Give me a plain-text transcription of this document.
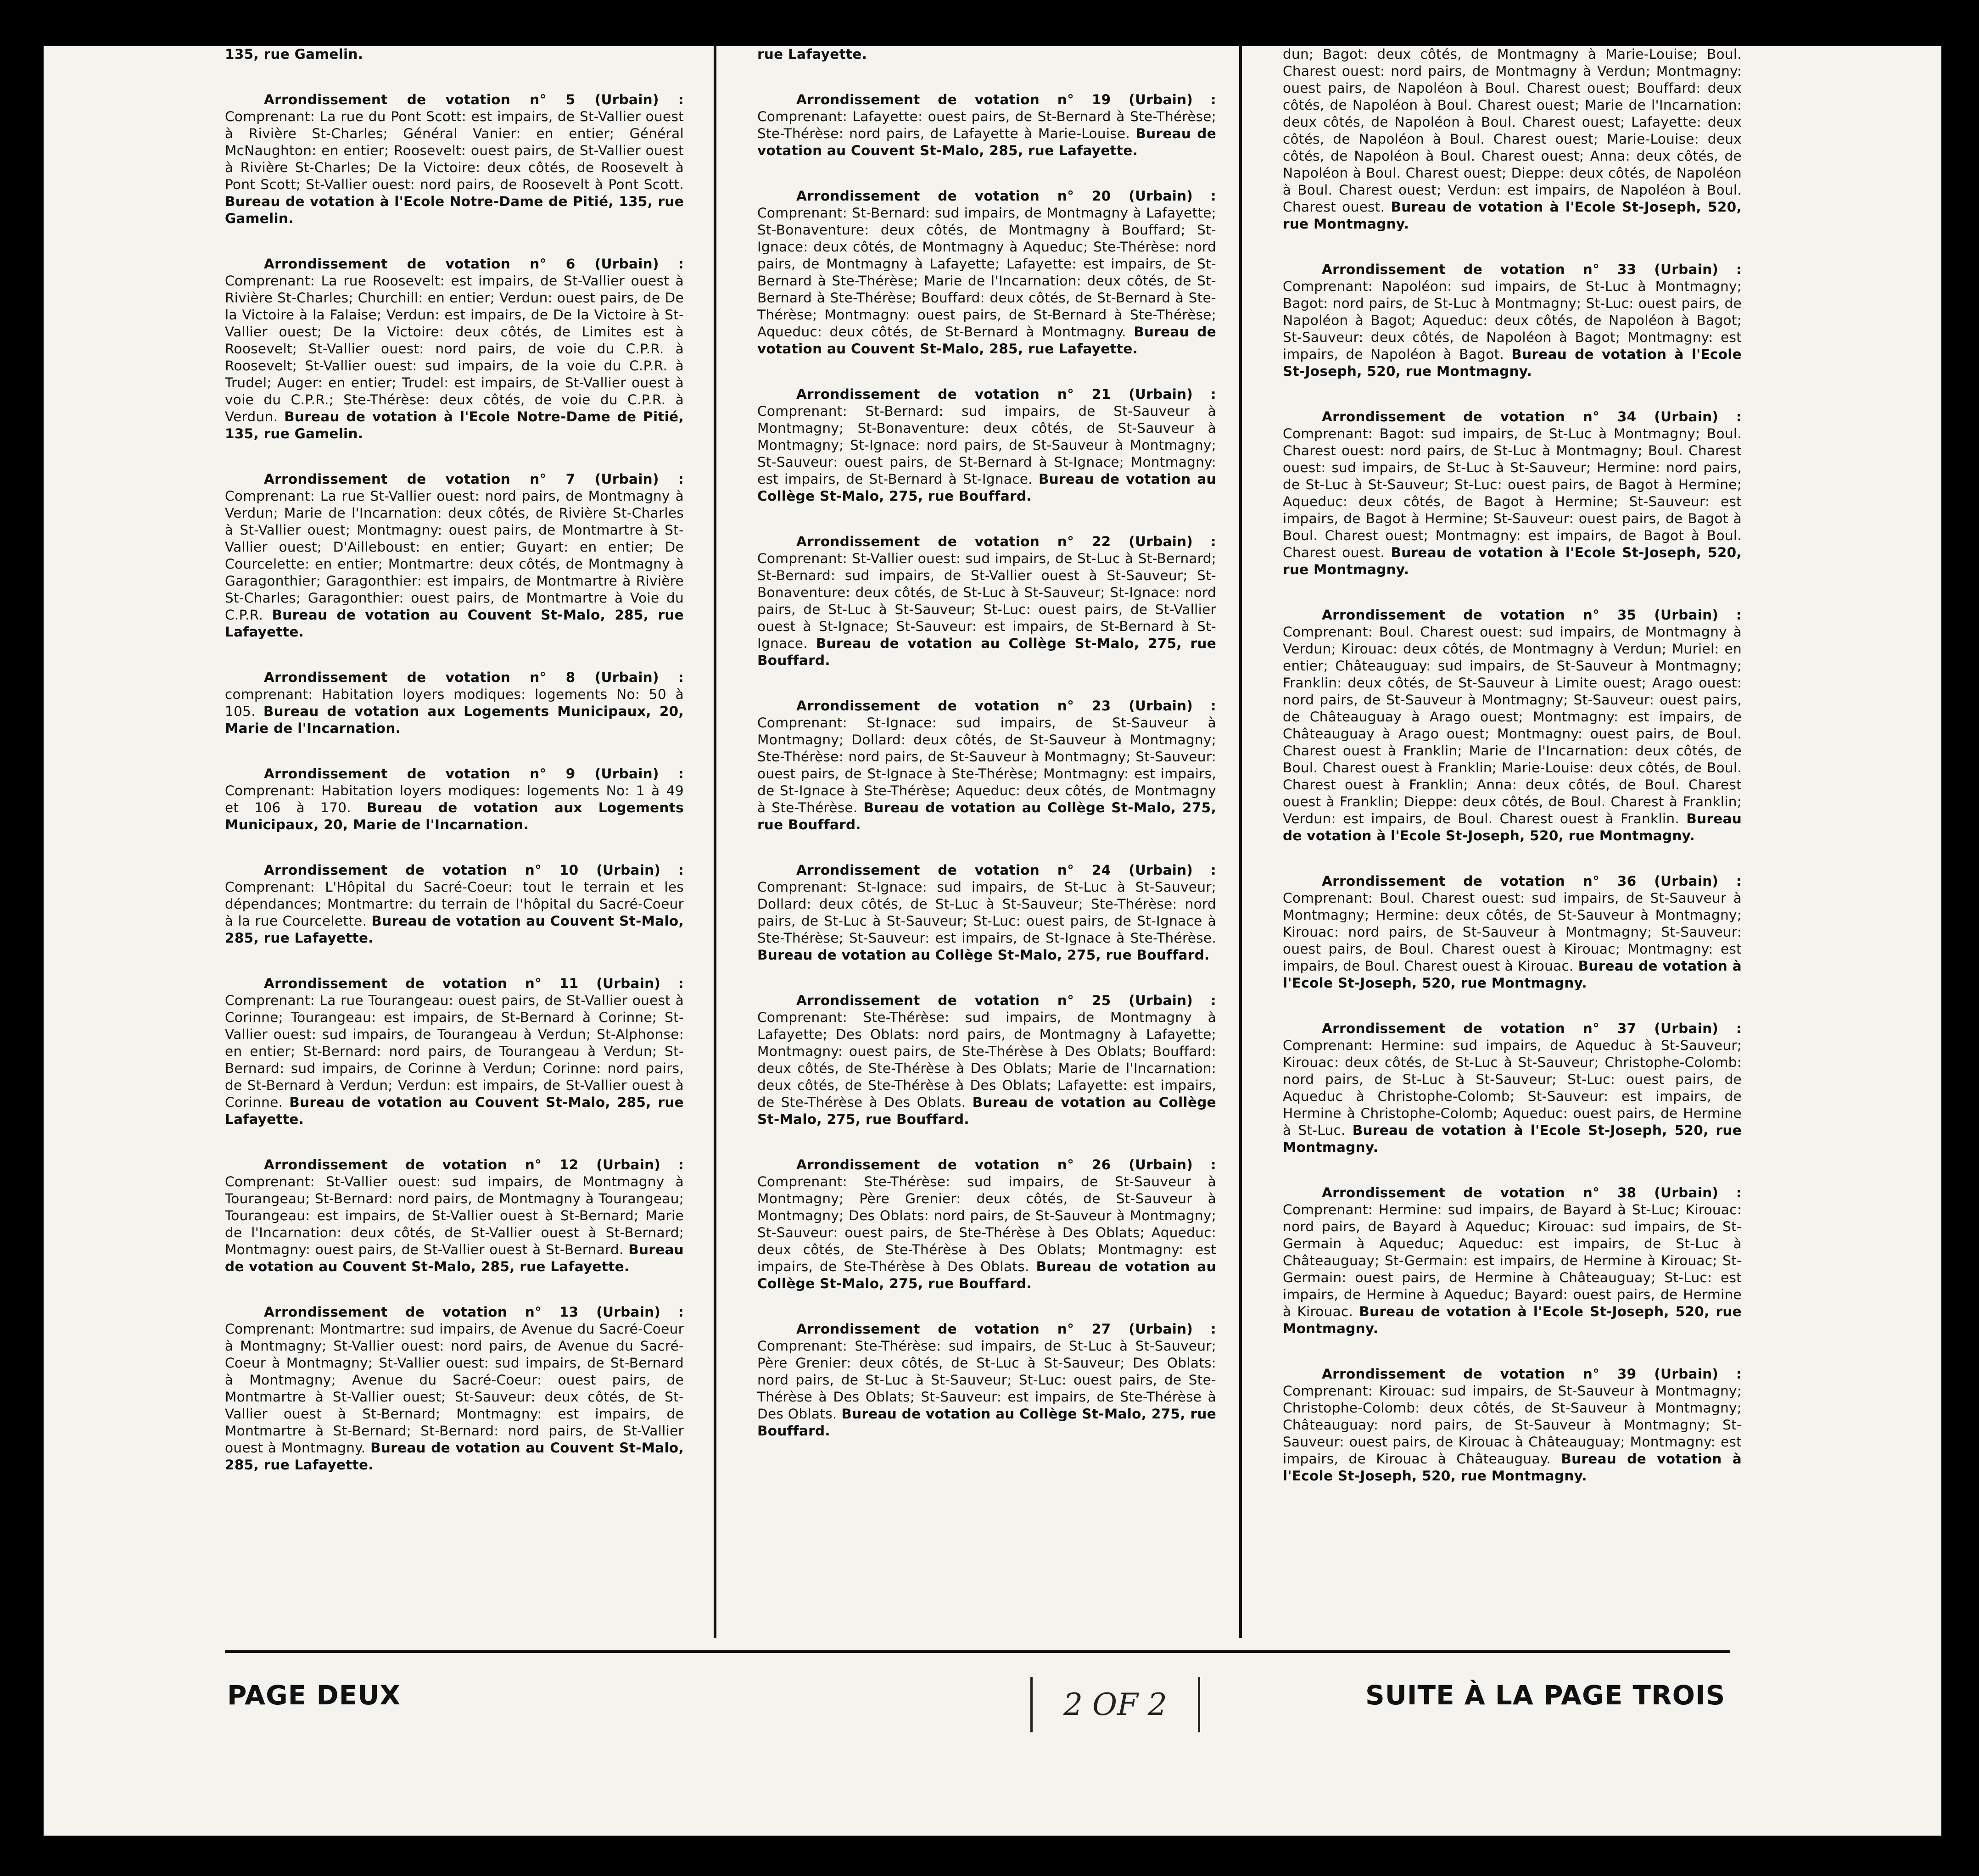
135, rue Gamelin.

Arrondissement de votation n° 5 (Urbain) : Comprenant: La rue du Pont Scott: est impairs, de St-Vallier ouest à Rivière St-Charles; Général Vanier: en entier; Général McNaughton: en entier; Roosevelt: ouest pairs, de St-Vallier ouest à Rivière St-Charles; De la Victoire: deux côtés, de Roosevelt à Pont Scott; St-Vallier ouest: nord pairs, de Roosevelt à Pont Scott. Bureau de votation à l'Ecole Notre-Dame de Pitié, 135, rue Gamelin.

Arrondissement de votation n° 6 (Urbain) : Comprenant: La rue Roosevelt: est impairs, de St-Vallier ouest à Rivière St-Charles; Churchill: en entier; Verdun: ouest pairs, de De la Victoire à la Falaise; Verdun: est impairs, de De la Victoire à St-Vallier ouest; De la Victoire: deux côtés, de Limites est à Roosevelt; St-Vallier ouest: nord pairs, de voie du C.P.R. à Roosevelt; St-Vallier ouest: sud impairs, de la voie du C.P.R. à Trudel; Auger: en entier; Trudel: est impairs, de St-Vallier ouest à voie du C.P.R.; Ste-Thérèse: deux côtés, de voie du C.P.R. à Verdun. Bureau de votation à l'Ecole Notre-Dame de Pitié, 135, rue Gamelin.

Arrondissement de votation n° 7 (Urbain) : Comprenant: La rue St-Vallier ouest: nord pairs, de Montmagny à Verdun; Marie de l'Incarnation: deux côtés, de Rivière St-Charles à St-Vallier ouest; Montmagny: ouest pairs, de Montmartre à St-Vallier ouest; D'Ailleboust: en entier; Guyart: en entier; De Courcelette: en entier; Montmartre: deux côtés, de Montmagny à Garagonthier; Garagonthier: est impairs, de Montmartre à Rivière St-Charles; Garagonthier: ouest pairs, de Montmartre à Voie du C.P.R. Bureau de votation au Couvent St-Malo, 285, rue Lafayette.

Arrondissement de votation n° 8 (Urbain) : comprenant: Habitation loyers modiques: logements No: 50 à 105. Bureau de votation aux Logements Municipaux, 20, Marie de l'Incarnation.

Arrondissement de votation n° 9 (Urbain) : Comprenant: Habitation loyers modiques: logements No: 1 à 49 et 106 à 170. Bureau de votation aux Logements Municipaux, 20, Marie de l'Incarnation.

Arrondissement de votation n° 10 (Urbain) : Comprenant: L'Hôpital du Sacré-Coeur: tout le terrain et les dépendances; Montmartre: du terrain de l'hôpital du Sacré-Coeur à la rue Courcelette. Bureau de votation au Couvent St-Malo, 285, rue Lafayette.

Arrondissement de votation n° 11 (Urbain) : Comprenant: La rue Tourangeau: ouest pairs, de St-Vallier ouest à Corinne; Tourangeau: est impairs, de St-Bernard à Corinne; St-Vallier ouest: sud impairs, de Tourangeau à Verdun; St-Alphonse: en entier; St-Bernard: nord pairs, de Tourangeau à Verdun; St-Bernard: sud impairs, de Corinne à Verdun; Corinne: nord pairs, de St-Bernard à Verdun; Verdun: est impairs, de St-Vallier ouest à Corinne. Bureau de votation au Couvent St-Malo, 285, rue Lafayette.

Arrondissement de votation n° 12 (Urbain) : Comprenant: St-Vallier ouest: sud impairs, de Montmagny à Tourangeau; St-Bernard: nord pairs, de Montmagny à Tourangeau; Tourangeau: est impairs, de St-Vallier ouest à St-Bernard; Marie de l'Incarnation: deux côtés, de St-Vallier ouest à St-Bernard; Montmagny: ouest pairs, de St-Vallier ouest à St-Bernard. Bureau de votation au Couvent St-Malo, 285, rue Lafayette.

Arrondissement de votation n° 13 (Urbain) : Comprenant: Montmartre: sud impairs, de Avenue du Sacré-Coeur à Montmagny; St-Vallier ouest: nord pairs, de Avenue du Sacré-Coeur à Montmagny; St-Vallier ouest: sud impairs, de St-Bernard à Montmagny; Avenue du Sacré-Coeur: ouest pairs, de Montmartre à St-Vallier ouest; St-Sauveur: deux côtés, de St-Vallier ouest à St-Bernard; Montmagny: est impairs, de Montmartre à St-Bernard; St-Bernard: nord pairs, de St-Vallier ouest à Montmagny. Bureau de votation au Couvent St-Malo, 285, rue Lafayette.

rue Lafayette.

Arrondissement de votation n° 19 (Urbain) : Comprenant: Lafayette: ouest pairs, de St-Bernard à Ste-Thérèse; Ste-Thérèse: nord pairs, de Lafayette à Marie-Louise. Bureau de votation au Couvent St-Malo, 285, rue Lafayette.

Arrondissement de votation n° 20 (Urbain) : Comprenant: St-Bernard: sud impairs, de Montmagny à Lafayette; St-Bonaventure: deux côtés, de Montmagny à Bouffard; St-Ignace: deux côtés, de Montmagny à Aqueduc; Ste-Thérèse: nord pairs, de Montmagny à Lafayette; Lafayette: est impairs, de St-Bernard à Ste-Thérèse; Marie de l'Incarnation: deux côtés, de St-Bernard à Ste-Thérèse; Bouffard: deux côtés, de St-Bernard à Ste-Thérèse; Montmagny: ouest pairs, de St-Bernard à Ste-Thérèse; Aqueduc: deux côtés, de St-Bernard à Montmagny. Bureau de votation au Couvent St-Malo, 285, rue Lafayette.

Arrondissement de votation n° 21 (Urbain) : Comprenant: St-Bernard: sud impairs, de St-Sauveur à Montmagny; St-Bonaventure: deux côtés, de St-Sauveur à Montmagny; St-Ignace: nord pairs, de St-Sauveur à Montmagny; St-Sauveur: ouest pairs, de St-Bernard à St-Ignace; Montmagny: est impairs, de St-Bernard à St-Ignace. Bureau de votation au Collège St-Malo, 275, rue Bouffard.

Arrondissement de votation n° 22 (Urbain) : Comprenant: St-Vallier ouest: sud impairs, de St-Luc à St-Bernard; St-Bernard: sud impairs, de St-Vallier ouest à St-Sauveur; St-Bonaventure: deux côtés, de St-Luc à St-Sauveur; St-Ignace: nord pairs, de St-Luc à St-Sauveur; St-Luc: ouest pairs, de St-Vallier ouest à St-Ignace; St-Sauveur: est impairs, de St-Bernard à St-Ignace. Bureau de votation au Collège St-Malo, 275, rue Bouffard.

Arrondissement de votation n° 23 (Urbain) : Comprenant: St-Ignace: sud impairs, de St-Sauveur à Montmagny; Dollard: deux côtés, de St-Sauveur à Montmagny; Ste-Thérèse: nord pairs, de St-Sauveur à Montmagny; St-Sauveur: ouest pairs, de St-Ignace à Ste-Thérèse; Montmagny: est impairs, de St-Ignace à Ste-Thérèse; Aqueduc: deux côtés, de Montmagny à Ste-Thérèse. Bureau de votation au Collège St-Malo, 275, rue Bouffard.

Arrondissement de votation n° 24 (Urbain) : Comprenant: St-Ignace: sud impairs, de St-Luc à St-Sauveur; Dollard: deux côtés, de St-Luc à St-Sauveur; Ste-Thérèse: nord pairs, de St-Luc à St-Sauveur; St-Luc: ouest pairs, de St-Ignace à Ste-Thérèse; St-Sauveur: est impairs, de St-Ignace à Ste-Thérèse. Bureau de votation au Collège St-Malo, 275, rue Bouffard.

Arrondissement de votation n° 25 (Urbain) : Comprenant: Ste-Thérèse: sud impairs, de Montmagny à Lafayette; Des Oblats: nord pairs, de Montmagny à Lafayette; Montmagny: ouest pairs, de Ste-Thérèse à Des Oblats; Bouffard: deux côtés, de Ste-Thérèse à Des Oblats; Marie de l'Incarnation: deux côtés, de Ste-Thérèse à Des Oblats; Lafayette: est impairs, de Ste-Thérèse à Des Oblats. Bureau de votation au Collège St-Malo, 275, rue Bouffard.

Arrondissement de votation n° 26 (Urbain) : Comprenant: Ste-Thérèse: sud impairs, de St-Sauveur à Montmagny; Père Grenier: deux côtés, de St-Sauveur à Montmagny; Des Oblats: nord pairs, de St-Sauveur à Montmagny; St-Sauveur: ouest pairs, de Ste-Thérèse à Des Oblats; Aqueduc: deux côtés, de Ste-Thérèse à Des Oblats; Montmagny: est impairs, de Ste-Thérèse à Des Oblats. Bureau de votation au Collège St-Malo, 275, rue Bouffard.

Arrondissement de votation n° 27 (Urbain) : Comprenant: Ste-Thérèse: sud impairs, de St-Luc à St-Sauveur; Père Grenier: deux côtés, de St-Luc à St-Sauveur; Des Oblats: nord pairs, de St-Luc à St-Sauveur; St-Luc: ouest pairs, de Ste-Thérèse à Des Oblats; St-Sauveur: est impairs, de Ste-Thérèse à Des Oblats. Bureau de votation au Collège St-Malo, 275, rue Bouffard.

dun; Bagot: deux côtés, de Montmagny à Marie-Louise; Boul. Charest ouest: nord pairs, de Montmagny à Verdun; Montmagny: ouest pairs, de Napoléon à Boul. Charest ouest; Bouffard: deux côtés, de Napoléon à Boul. Charest ouest; Marie de l'Incarnation: deux côtés, de Napoléon à Boul. Charest ouest; Lafayette: deux côtés, de Napoléon à Boul. Charest ouest; Marie-Louise: deux côtés, de Napoléon à Boul. Charest ouest; Anna: deux côtés, de Napoléon à Boul. Charest ouest; Dieppe: deux côtés, de Napoléon à Boul. Charest ouest; Verdun: est impairs, de Napoléon à Boul. Charest ouest. Bureau de votation à l'Ecole St-Joseph, 520, rue Montmagny.

Arrondissement de votation n° 33 (Urbain) : Comprenant: Napoléon: sud impairs, de St-Luc à Montmagny; Bagot: nord pairs, de St-Luc à Montmagny; St-Luc: ouest pairs, de Napoléon à Bagot; Aqueduc: deux côtés, de Napoléon à Bagot; St-Sauveur: deux côtés, de Napoléon à Bagot; Montmagny: est impairs, de Napoléon à Bagot. Bureau de votation à l'Ecole St-Joseph, 520, rue Montmagny.

Arrondissement de votation n° 34 (Urbain) : Comprenant: Bagot: sud impairs, de St-Luc à Montmagny; Boul. Charest ouest: nord pairs, de St-Luc à Montmagny; Boul. Charest ouest: sud impairs, de St-Luc à St-Sauveur; Hermine: nord pairs, de St-Luc à St-Sauveur; St-Luc: ouest pairs, de Bagot à Hermine; Aqueduc: deux côtés, de Bagot à Hermine; St-Sauveur: est impairs, de Bagot à Hermine; St-Sauveur: ouest pairs, de Bagot à Boul. Charest ouest; Montmagny: est impairs, de Bagot à Boul. Charest ouest. Bureau de votation à l'Ecole St-Joseph, 520, rue Montmagny.

Arrondissement de votation n° 35 (Urbain) : Comprenant: Boul. Charest ouest: sud impairs, de Montmagny à Verdun; Kirouac: deux côtés, de Montmagny à Verdun; Muriel: en entier; Châteauguay: sud impairs, de St-Sauveur à Montmagny; Franklin: deux côtés, de St-Sauveur à Limite ouest; Arago ouest: nord pairs, de St-Sauveur à Montmagny; St-Sauveur: ouest pairs, de Châteauguay à Arago ouest; Montmagny: est impairs, de Châteauguay à Arago ouest; Montmagny: ouest pairs, de Boul. Charest ouest à Franklin; Marie de l'Incarnation: deux côtés, de Boul. Charest ouest à Franklin; Marie-Louise: deux côtés, de Boul. Charest ouest à Franklin; Anna: deux côtés, de Boul. Charest ouest à Franklin; Dieppe: deux côtés, de Boul. Charest à Franklin; Verdun: est impairs, de Boul. Charest ouest à Franklin. Bureau de votation à l'Ecole St-Joseph, 520, rue Montmagny.

Arrondissement de votation n° 36 (Urbain) : Comprenant: Boul. Charest ouest: sud impairs, de St-Sauveur à Montmagny; Hermine: deux côtés, de St-Sauveur à Montmagny; Kirouac: nord pairs, de St-Sauveur à Montmagny; St-Sauveur: ouest pairs, de Boul. Charest ouest à Kirouac; Montmagny: est impairs, de Boul. Charest ouest à Kirouac. Bureau de votation à l'Ecole St-Joseph, 520, rue Montmagny.

Arrondissement de votation n° 37 (Urbain) : Comprenant: Hermine: sud impairs, de Aqueduc à St-Sauveur; Kirouac: deux côtés, de St-Luc à St-Sauveur; Christophe-Colomb: nord pairs, de St-Luc à St-Sauveur; St-Luc: ouest pairs, de Aqueduc à Christophe-Colomb; St-Sauveur: est impairs, de Hermine à Christophe-Colomb; Aqueduc: ouest pairs, de Hermine à St-Luc. Bureau de votation à l'Ecole St-Joseph, 520, rue Montmagny.

Arrondissement de votation n° 38 (Urbain) : Comprenant: Hermine: sud impairs, de Bayard à St-Luc; Kirouac: nord pairs, de Bayard à Aqueduc; Kirouac: sud impairs, de St-Germain à Aqueduc; Aqueduc: est impairs, de St-Luc à Châteauguay; St-Germain: est impairs, de Hermine à Kirouac; St-Germain: ouest pairs, de Hermine à Châteauguay; St-Luc: est impairs, de Hermine à Aqueduc; Bayard: ouest pairs, de Hermine à Kirouac. Bureau de votation à l'Ecole St-Joseph, 520, rue Montmagny.

Arrondissement de votation n° 39 (Urbain) : Comprenant: Kirouac: sud impairs, de St-Sauveur à Montmagny; Christophe-Colomb: deux côtés, de St-Sauveur à Montmagny; Châteauguay: nord pairs, de St-Sauveur à Montmagny; St-Sauveur: ouest pairs, de Kirouac à Châteauguay; Montmagny: est impairs, de Kirouac à Châteauguay. Bureau de votation à l'Ecole St-Joseph, 520, rue Montmagny.

PAGE DEUX	2 OF 2	SUITE À LA PAGE TROIS
